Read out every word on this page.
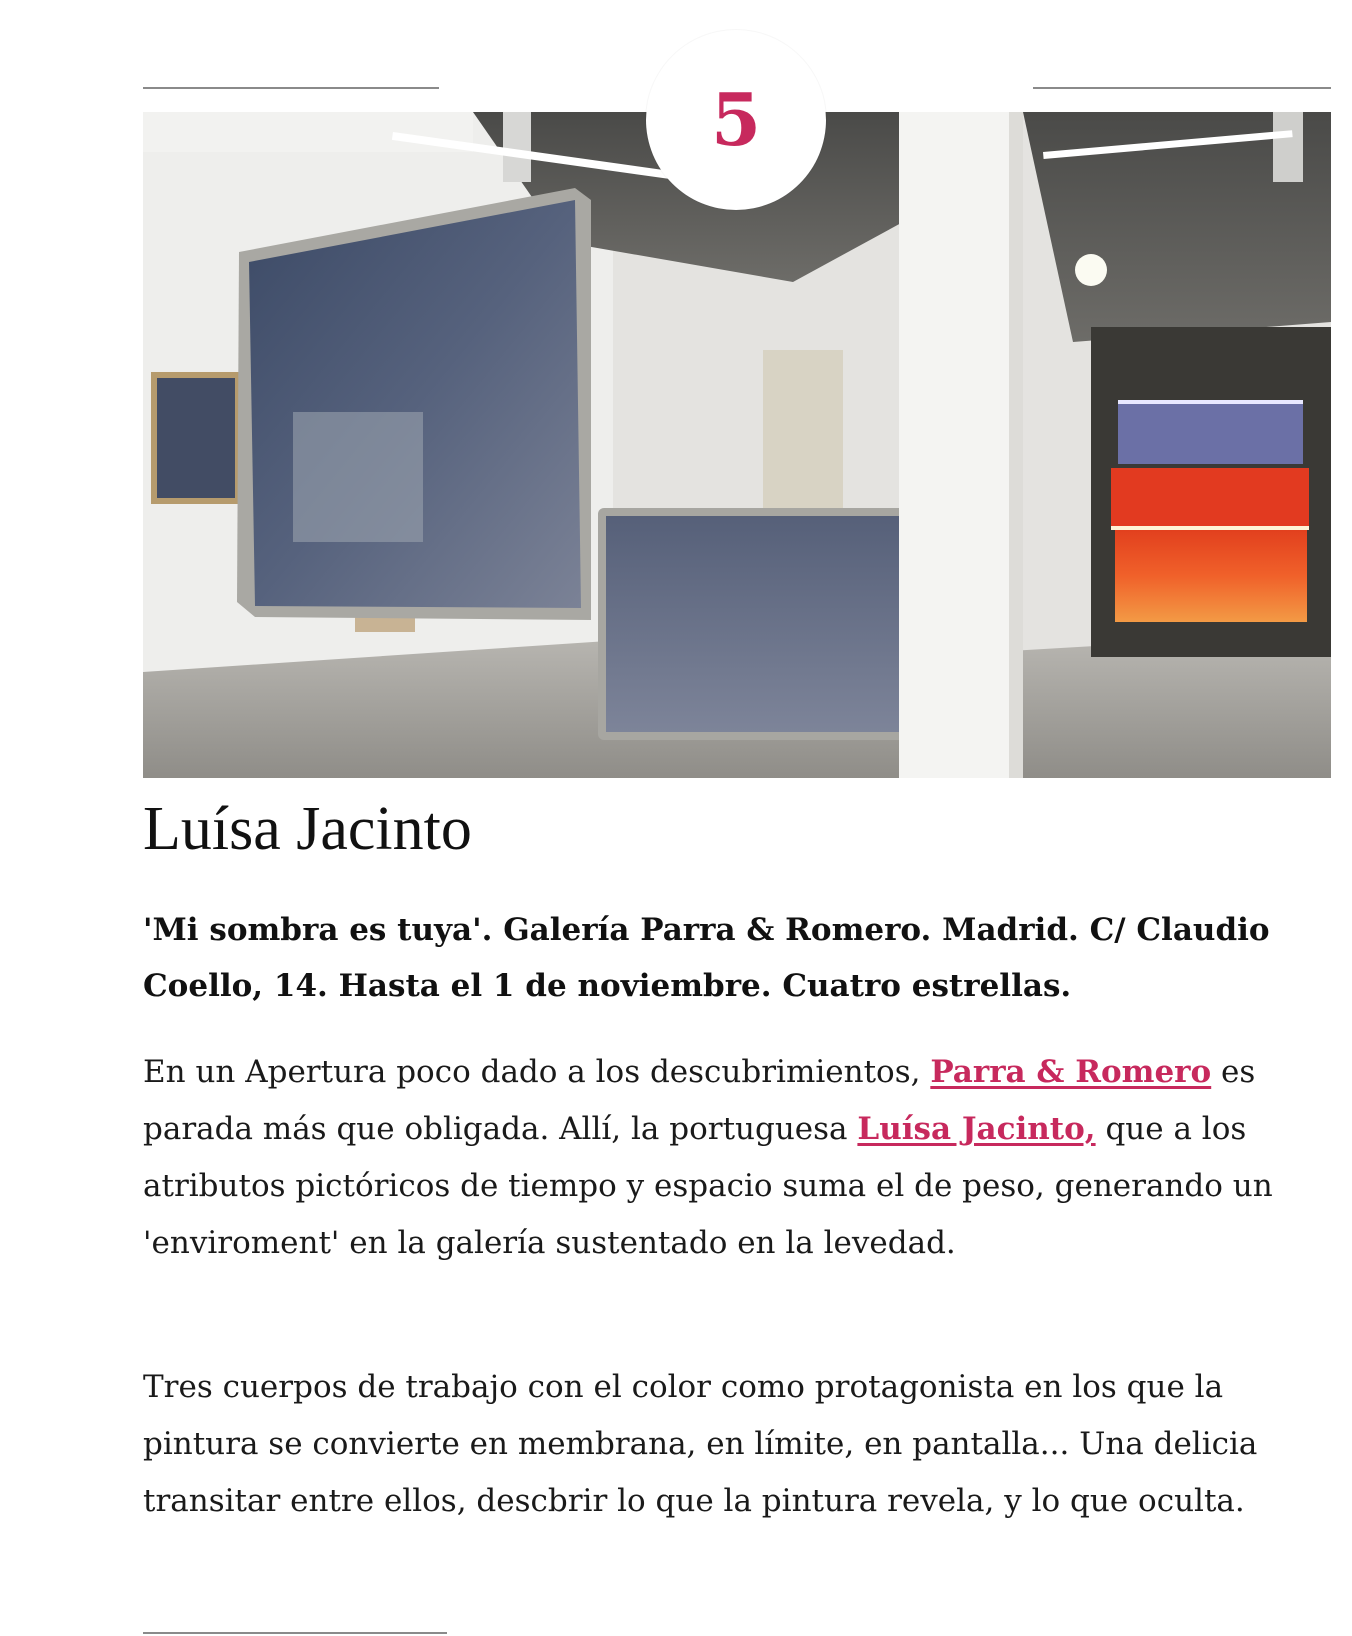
5
Luísa Jacinto

'Mi sombra es tuya'. Galería Parra & Romero. Madrid. C/ Claudio Coello, 14. Hasta el 1 de noviembre. Cuatro estrellas.

En un Apertura poco dado a los descubrimientos, Parra & Romero es parada más que obligada. Allí, la portuguesa Luísa Jacinto, que a los atributos pictóricos de tiempo y espacio suma el de peso, generando un 'enviroment' en la galería sustentado en la levedad.

Tres cuerpos de trabajo con el color como protagonista en los que la pintura se convierte en membrana, en límite, en pantalla... Una delicia transitar entre ellos, descbrir lo que la pintura revela, y lo que oculta.
